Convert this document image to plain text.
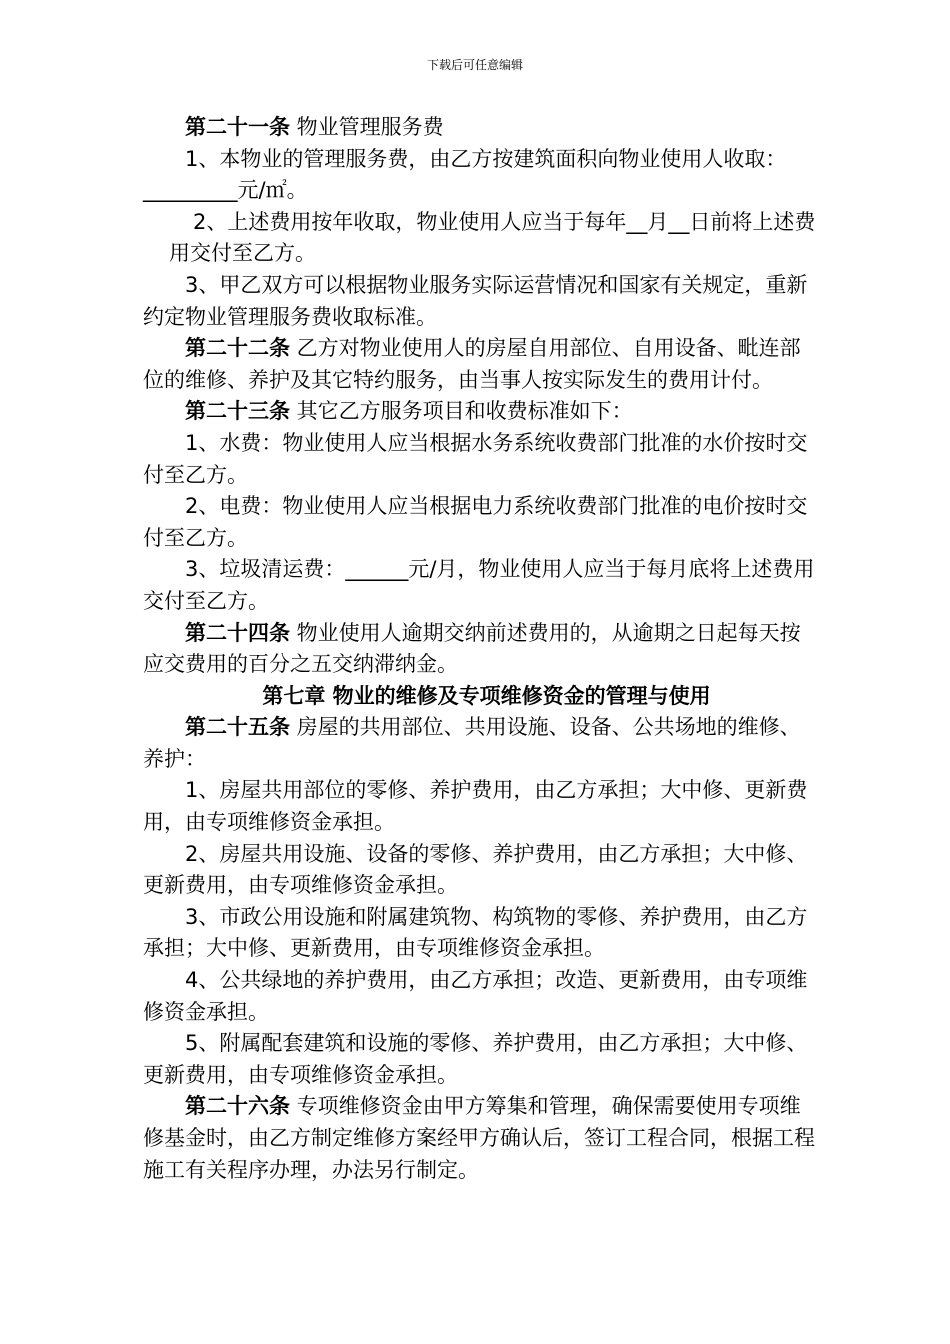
下载后可任意编辑

第二十一条 物业管理服务费

1、本物业的管理服务费，由乙方按建筑面积向物业使用人收取：_________元/㎡。

2、上述费用按年收取，物业使用人应当于每年__月__日前将上述费用交付至乙方。

3、甲乙双方可以根据物业服务实际运营情况和国家有关规定，重新约定物业管理服务费收取标准。

第二十二条 乙方对物业使用人的房屋自用部位、自用设备、毗连部位的维修、养护及其它特约服务，由当事人按实际发生的费用计付。

第二十三条 其它乙方服务项目和收费标准如下：

1、水费：物业使用人应当根据水务系统收费部门批准的水价按时交付至乙方。

2、电费：物业使用人应当根据电力系统收费部门批准的电价按时交付至乙方。

3、垃圾清运费：______元/月，物业使用人应当于每月底将上述费用交付至乙方。

第二十四条 物业使用人逾期交纳前述费用的，从逾期之日起每天按应交费用的百分之五交纳滞纳金。

第七章 物业的维修及专项维修资金的管理与使用

第二十五条 房屋的共用部位、共用设施、设备、公共场地的维修、养护：

1、房屋共用部位的零修、养护费用，由乙方承担；大中修、更新费用，由专项维修资金承担。

2、房屋共用设施、设备的零修、养护费用，由乙方承担；大中修、更新费用，由专项维修资金承担。

3、市政公用设施和附属建筑物、构筑物的零修、养护费用，由乙方承担；大中修、更新费用，由专项维修资金承担。

4、公共绿地的养护费用，由乙方承担；改造、更新费用，由专项维修资金承担。

5、附属配套建筑和设施的零修、养护费用，由乙方承担；大中修、更新费用，由专项维修资金承担。

第二十六条 专项维修资金由甲方筹集和管理，确保需要使用专项维修基金时，由乙方制定维修方案经甲方确认后，签订工程合同，根据工程施工有关程序办理，办法另行制定。
